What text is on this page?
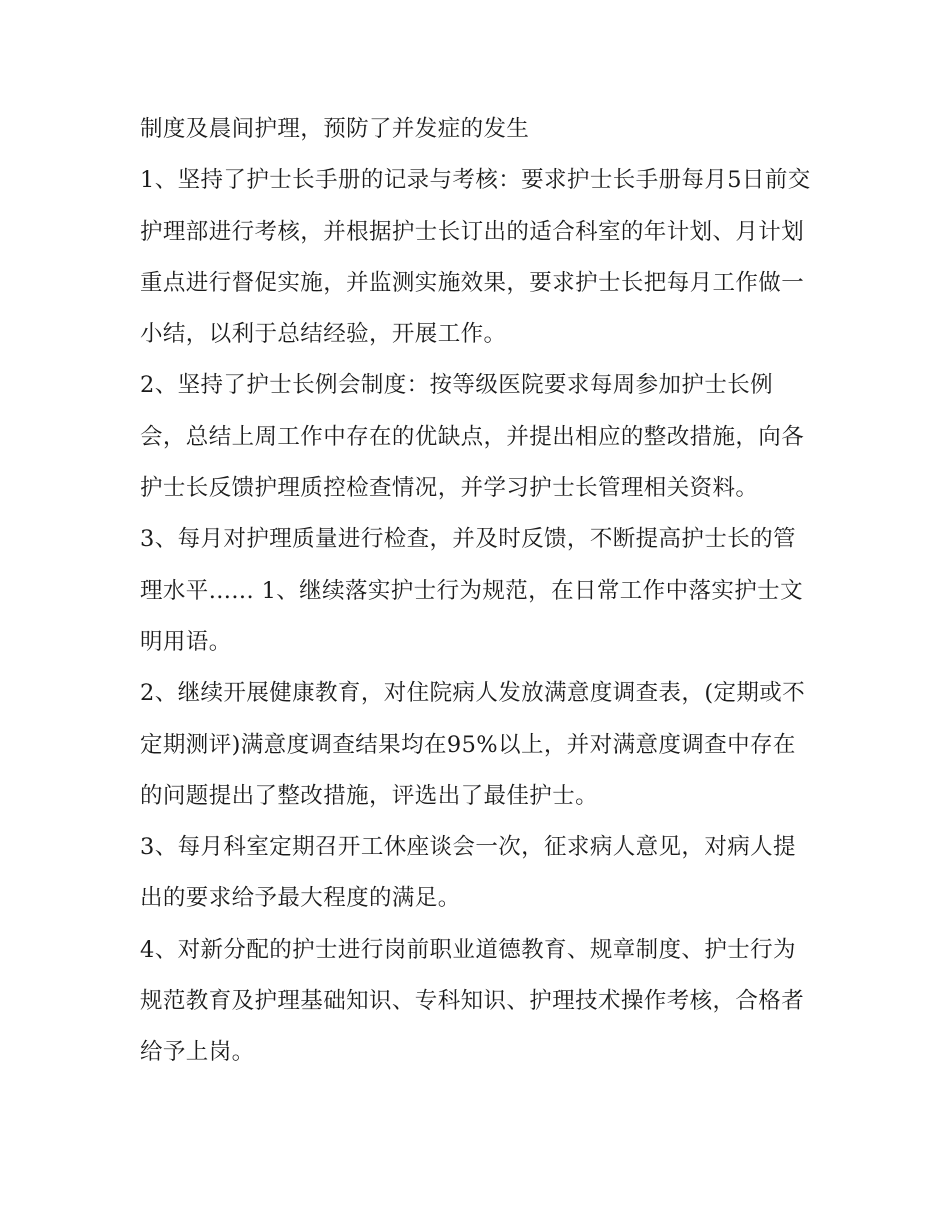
制度及晨间护理，预防了并发症的发生

1、坚持了护士长手册的记录与考核：要求护士长手册每月5日前交护理部进行考核，并根据护士长订出的适合科室的年计划、月计划重点进行督促实施，并监测实施效果，要求护士长把每月工作做一小结，以利于总结经验，开展工作。

2、坚持了护士长例会制度：按等级医院要求每周参加护士长例会，总结上周工作中存在的优缺点，并提出相应的整改措施，向各护士长反馈护理质控检查情况，并学习护士长管理相关资料。

3、每月对护理质量进行检查，并及时反馈，不断提高护士长的管理水平...... 1、继续落实护士行为规范，在日常工作中落实护士文明用语。

2、继续开展健康教育，对住院病人发放满意度调查表，(定期或不定期测评)满意度调查结果均在95%以上，并对满意度调查中存在的问题提出了整改措施，评选出了最佳护士。

3、每月科室定期召开工休座谈会一次，征求病人意见，对病人提出的要求给予最大程度的满足。

4、对新分配的护士进行岗前职业道德教育、规章制度、护士行为规范教育及护理基础知识、专科知识、护理技术操作考核，合格者给予上岗。
